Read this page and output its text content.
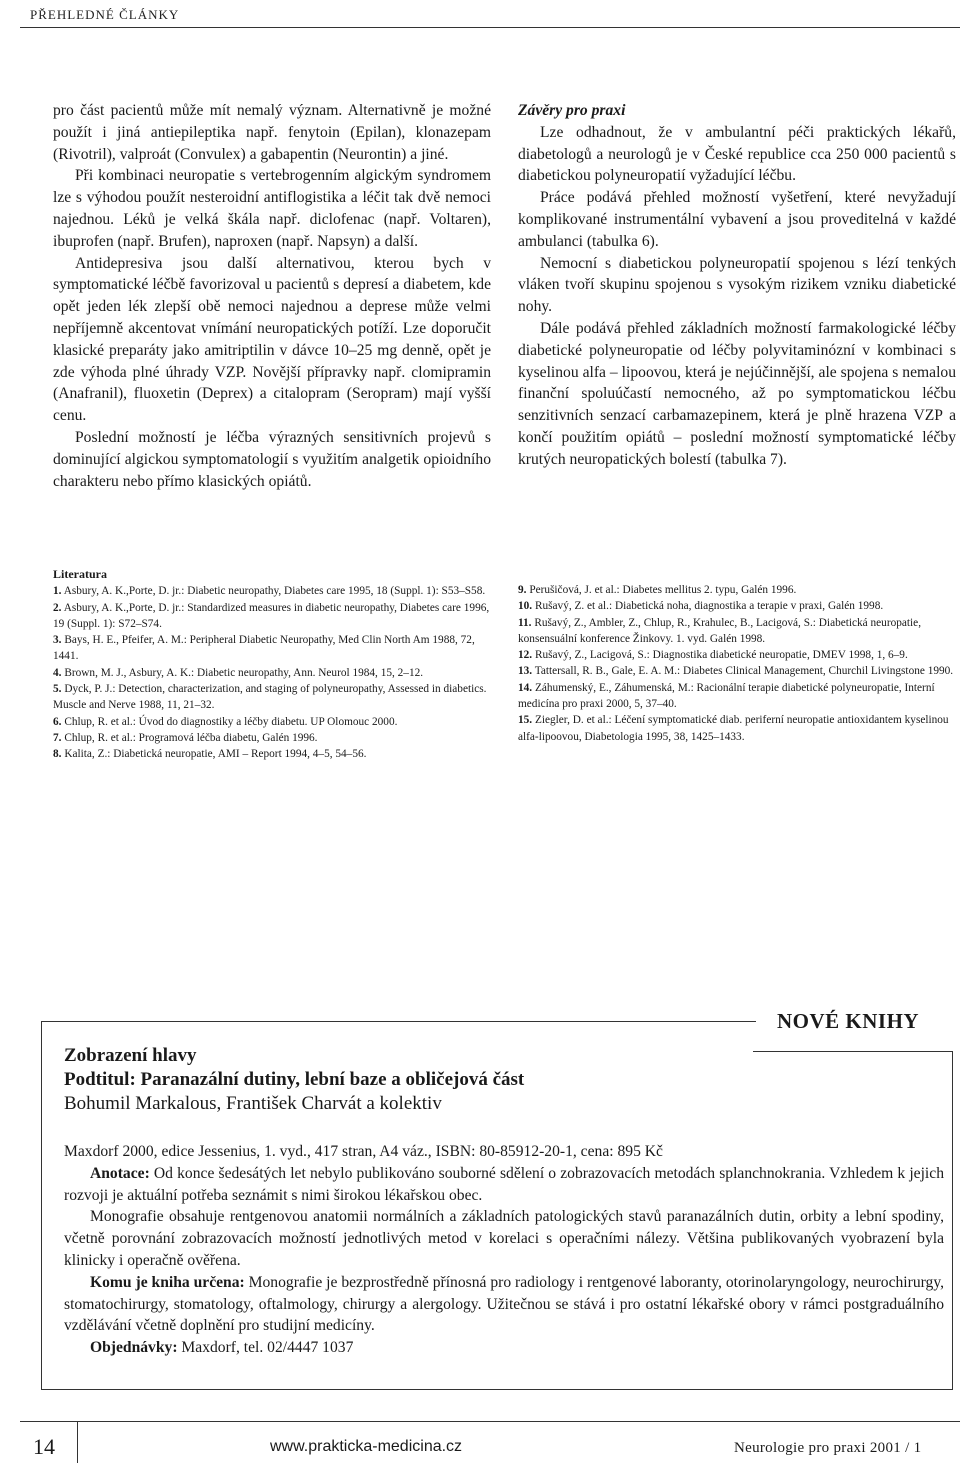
PŘEHLEDNÉ ČLÁNKY

pro část pacientů může mít nemalý význam. Alternativně je možné použít i jiná antiepileptika např. fenytoin (Epilan), klonazepam (Rivotril), valproát (Convulex) a gabapentin (Neurontin) a jiné.

Při kombinaci neuropatie s vertebrogenním algickým syndromem lze s výhodou použít nesteroidní antiflogistika a léčit tak dvě nemoci najednou. Léků je velká škála např. diclofenac (např. Voltaren), ibuprofen (např. Brufen), naproxen (např. Napsyn) a další.

Antidepresiva jsou další alternativou, kterou bych v symptomatické léčbě favorizoval u pacientů s depresí a diabetem, kde opět jeden lék zlepší obě nemoci najednou a deprese může velmi nepříjemně akcentovat vnímání neuropatických potíží. Lze doporučit klasické preparáty jako amitriptilin v dávce 10–25 mg denně, opět je zde výhoda plné úhrady VZP. Novější přípravky např. clomipramin (Anafranil), fluoxetin (Deprex) a citalopram (Seropram) mají vyšší cenu.

Poslední možností je léčba výrazných sensitivních projevů s dominující algickou symptomatologií s využitím analgetik opioidního charakteru nebo přímo klasických opiátů.

Závěry pro praxi

Lze odhadnout, že v ambulantní péči praktických lékařů, diabetologů a neurologů je v České republice cca 250 000 pacientů s diabetickou polyneuropatií vyžadující léčbu.

Práce podává přehled možností vyšetření, které nevyžadují komplikované instrumentální vybavení a jsou proveditelná v každé ambulanci (tabulka 6).

Nemocní s diabetickou polyneuropatií spojenou s lézí tenkých vláken tvoří skupinu spojenou s vysokým rizikem vzniku diabetické nohy.

Dále podává přehled základních možností farmakologické léčby diabetické polyneuropatie od léčby polyvitaminózní v kombinaci s kyselinou alfa – lipoovou, která je nejúčinnější, ale spojena s nemalou finanční spoluúčastí nemocného, až po symptomatickou léčbu senzitivních senzací carbamazepinem, která je plně hrazena VZP a končí použitím opiátů – poslední možností symptomatické léčby krutých neuropatických bolestí (tabulka 7).

Literatura

1. Asbury, A. K.,Porte, D. jr.: Diabetic neuropathy, Diabetes care 1995, 18 (Suppl. 1): S53–S58.

2. Asbury, A. K.,Porte, D. jr.: Standardized measures in diabetic neuropathy, Diabetes care 1996, 19 (Suppl. 1): S72–S74.

3. Bays, H. E., Pfeifer, A. M.: Peripheral Diabetic Neuropathy, Med Clin North Am 1988, 72, 1441.

4. Brown, M. J., Asbury, A. K.: Diabetic neuropathy, Ann. Neurol 1984, 15, 2–12.

5. Dyck, P. J.: Detection, characterization, and staging of polyneuropathy, Assessed in diabetics. Muscle and Nerve 1988, 11, 21–32.

6. Chlup, R. et al.: Úvod do diagnostiky a léčby diabetu. UP Olomouc 2000.

7. Chlup, R. et al.: Programová léčba diabetu, Galén 1996.

8. Kalita, Z.: Diabetická neuropatie, AMI – Report 1994, 4–5, 54–56.

9. Perušičová, J. et al.: Diabetes mellitus 2. typu, Galén 1996.

10. Rušavý, Z. et al.: Diabetická noha, diagnostika a terapie v praxi, Galén 1998.

11. Rušavý, Z., Ambler, Z., Chlup, R., Krahulec, B., Lacigová, S.: Diabetická neuropatie, konsensuální konference Žinkovy. 1. vyd. Galén 1998.

12. Rušavý, Z., Lacigová, S.: Diagnostika diabetické neuropatie, DMEV 1998, 1, 6–9.

13. Tattersall, R. B., Gale, E. A. M.: Diabetes Clinical Management, Churchil Livingstone 1990.

14. Záhumenský, E., Záhumenská, M.: Racionální terapie diabetické polyneuropatie, Interní medicína pro praxi 2000, 5, 37–40.

15. Ziegler, D. et al.: Léčení symptomatické diab. periferní neuropatie antioxidantem kyselinou alfa-lipoovou, Diabetologia 1995, 38, 1425–1433.

NOVÉ KNIHY
Zobrazení hlavy
Podtitul: Paranazální dutiny, lební baze a obličejová část
Bohumil Markalous, František Charvát a kolektiv

Maxdorf 2000, edice Jessenius, 1. vyd., 417 stran, A4 váz., ISBN: 80-85912-20-1, cena: 895 Kč

Anotace: Od konce šedesátých let nebylo publikováno souborné sdělení o zobrazovacích metodách splanchnokrania. Vzhledem k jejich rozvoji je aktuální potřeba seznámit s nimi širokou lékařskou obec.

Monografie obsahuje rentgenovou anatomii normálních a základních patologických stavů paranazálních dutin, orbity a lební spodiny, včetně porovnání zobrazovacích možností jednotlivých metod v korelaci s operačními nálezy. Většina publikovaných vyobrazení byla klinicky i operačně ověřena.

Komu je kniha určena: Monografie je bezprostředně přínosná pro radiology i rentgenové laboranty, otorinolaryngology, neurochirurgy, stomatochirurgy, stomatology, oftalmology, chirurgy a alergology. Užitečnou se stává i pro ostatní lékařské obory v rámci postgraduálního vzdělávání včetně doplnění pro studijní medicíny.

Objednávky: Maxdorf, tel. 02/4447 1037

14	www.prakticka-medicina.cz	Neurologie pro praxi 2001 / 1
